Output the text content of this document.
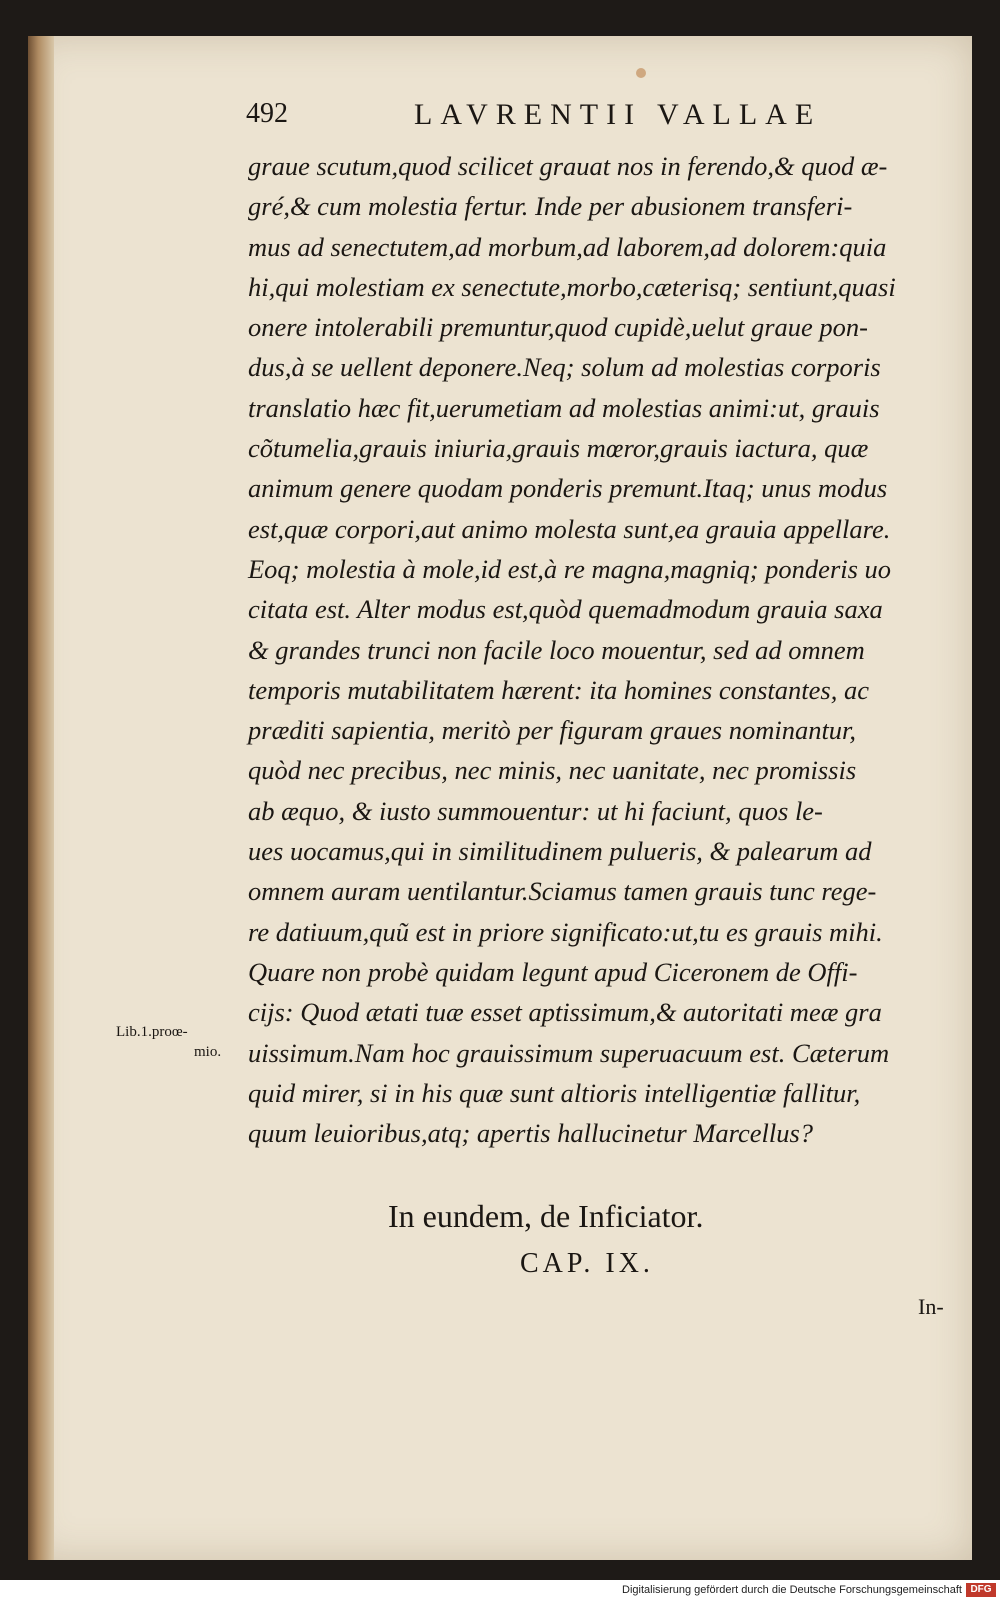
492	LAVRENTII VALLAE
graue scutum,quod scilicet grauat nos in ferendo,& quod æ-
gré,& cum molestia fertur. Inde per abusionem transferi-
mus ad senectutem,ad morbum,ad laborem,ad dolorem:quia
hi,qui molestiam ex senectute,morbo,cæterisq; sentiunt,quasi
onere intolerabili premuntur,quod cupidè,uelut graue pon-
dus,à se uellent deponere.Neq; solum ad molestias corporis
translatio hæc fit,uerumetiam ad molestias animi:ut, grauis
cõtumelia,grauis iniuria,grauis mœror,grauis iactura, quæ
animum genere quodam ponderis premunt.Itaq; unus modus
est,quæ corpori,aut animo molesta sunt,ea grauia appellare.
Eoq; molestia à mole,id est,à re magna,magniq; ponderis uo
citata est. Alter modus est,quòd quemadmodum grauia saxa
& grandes trunci non facile loco mouentur, sed ad omnem
temporis mutabilitatem hærent: ita homines constantes, ac
præditi sapientia, meritò per figuram graues nominantur,
quòd nec precibus, nec minis, nec uanitate, nec promissis
ab æquo, & iusto summouentur: ut hi faciunt, quos le-
ues uocamus,qui in similitudinem pulueris, & palearum ad
omnem auram uentilantur.Sciamus tamen grauis tunc rege-
re datiuum,quũ est in priore significato:ut,tu es grauis mihi.
Quare non probè quidam legunt apud Ciceronem de Offi-
cijs: Quod ætati tuæ esset aptissimum,& autoritati meæ gra
uissimum.Nam hoc grauissimum superuacuum est. Cæterum
quid mirer, si in his quæ sunt altioris intelligentiæ fallitur,
quum leuioribus,atq; apertis hallucinetur Marcellus?
Lib.1.proœ-
mio.
In eundem, de Inficiator.
CAP. IX.
In-
Digitalisierung gefördert durch die Deutsche Forschungsgemeinschaft DFG
